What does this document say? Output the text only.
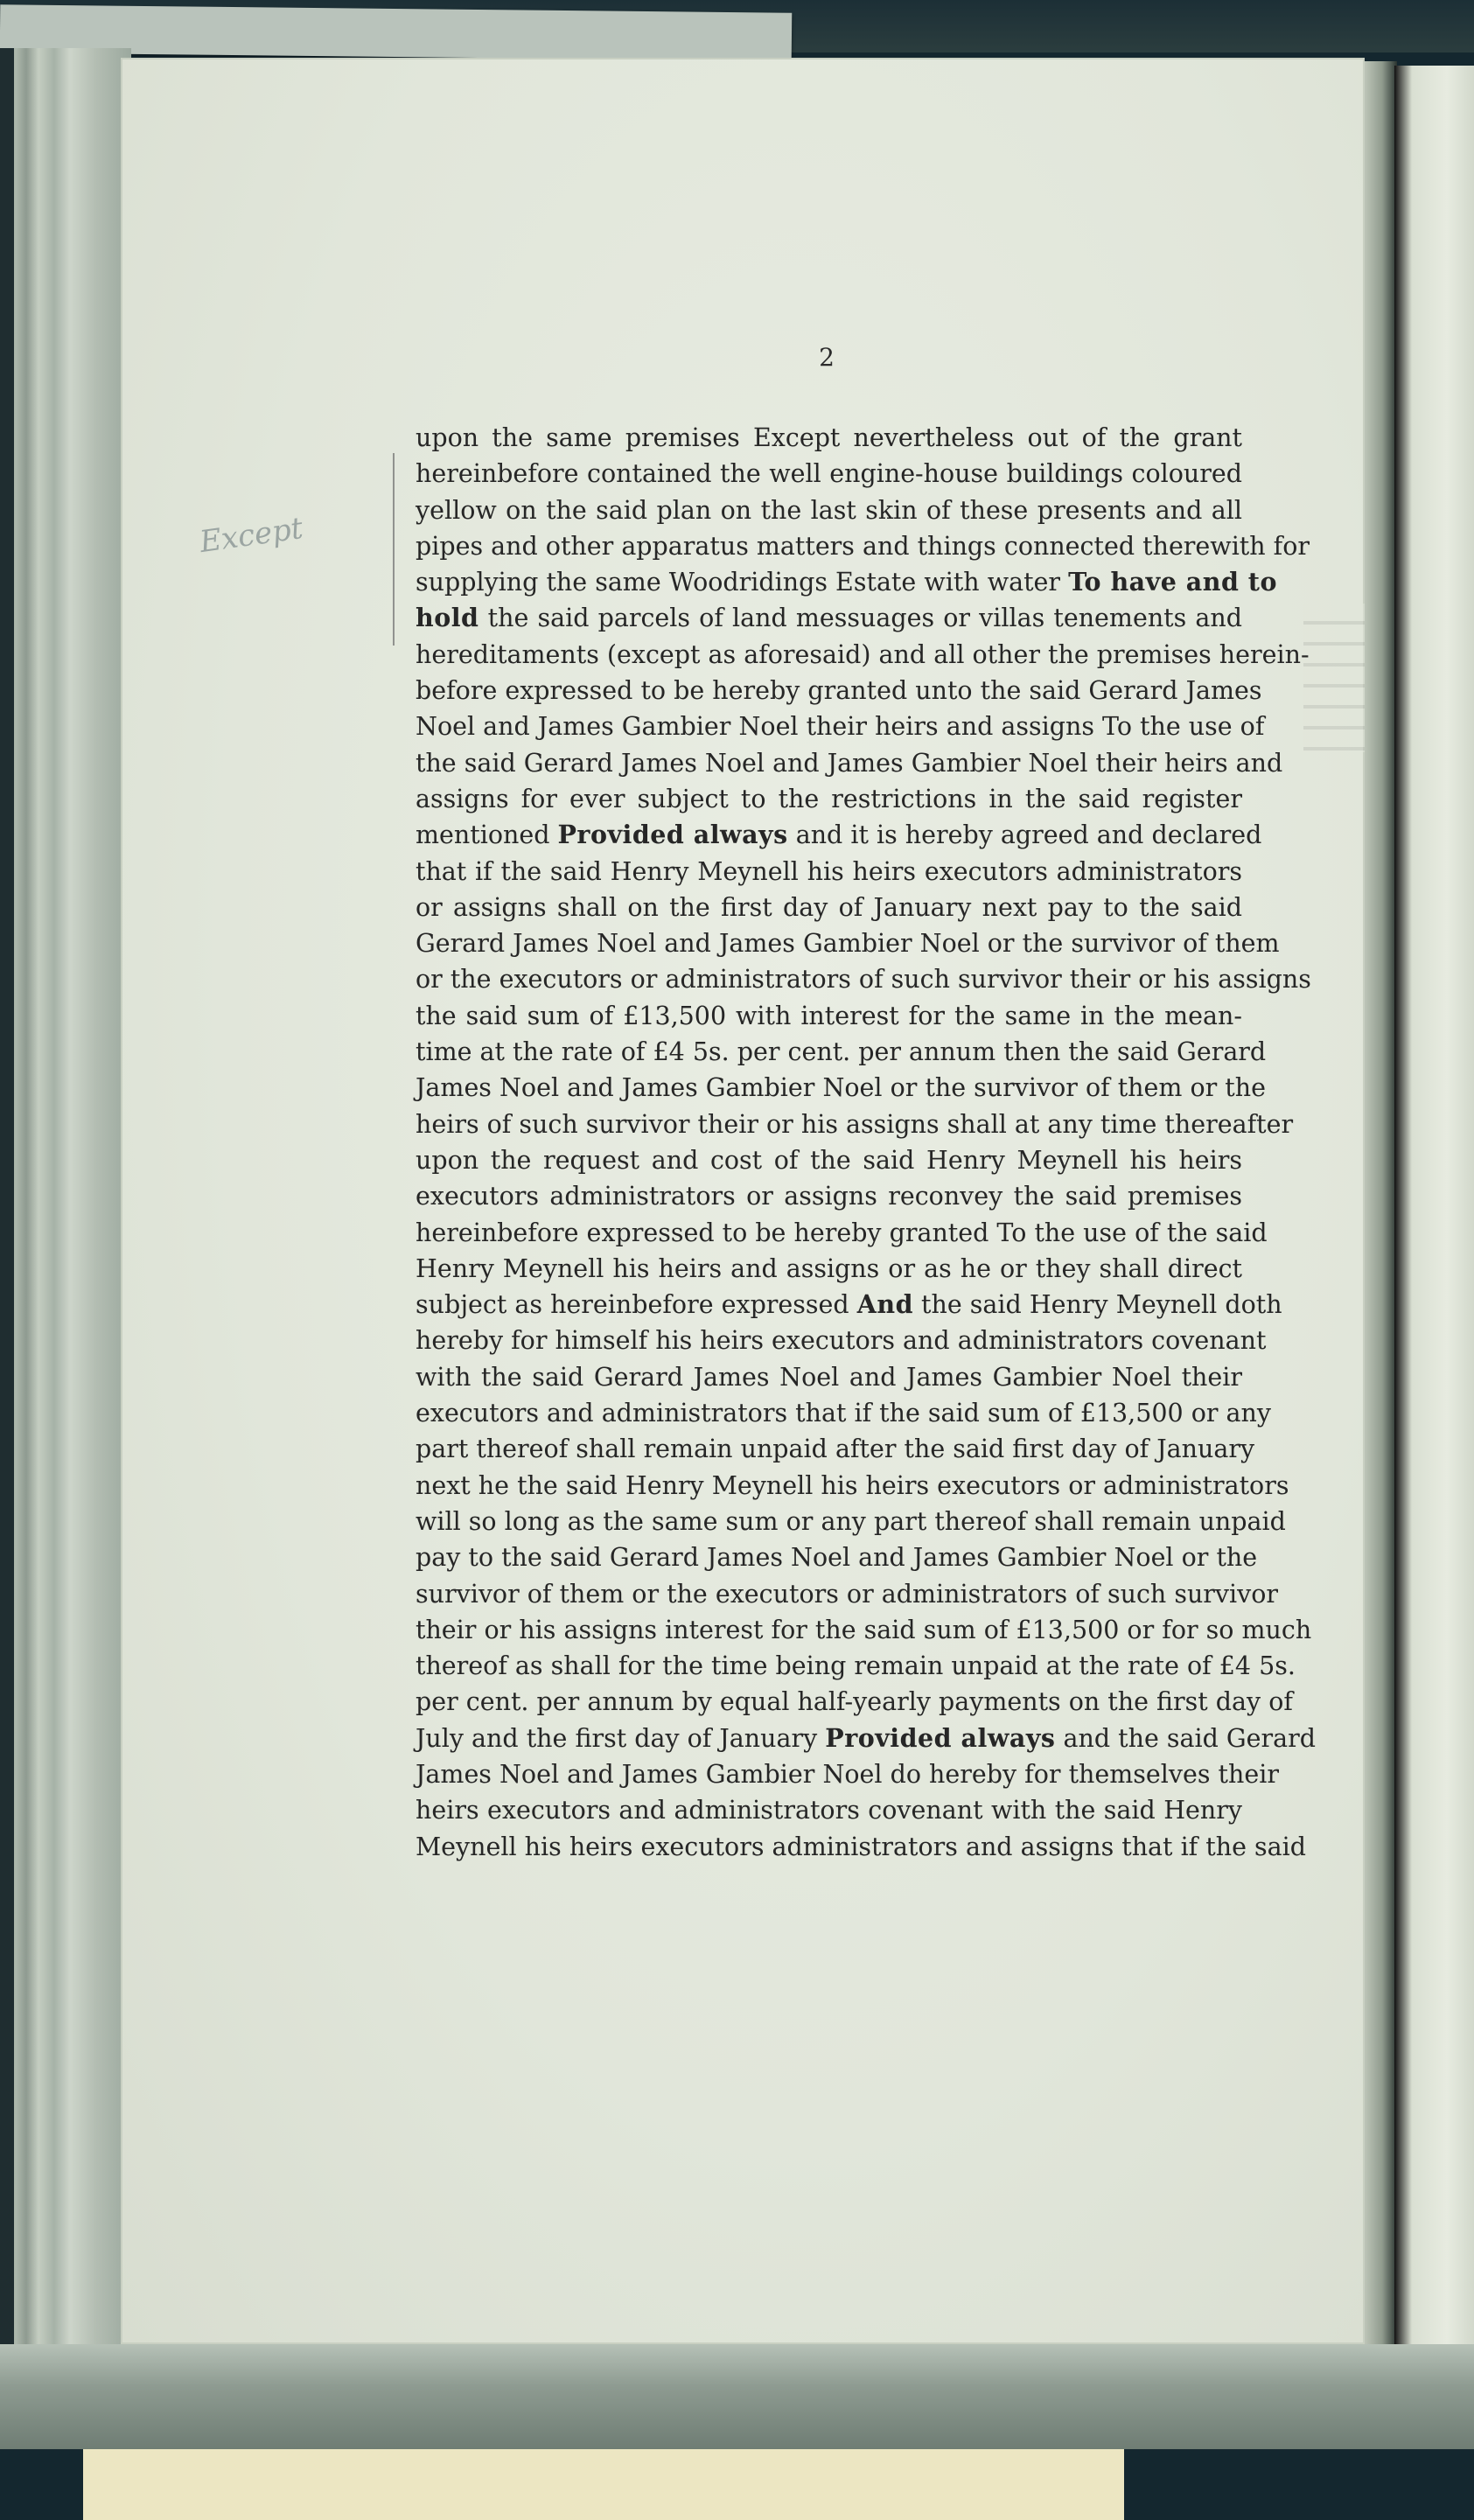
2
Except
upon the same premises Except nevertheless out of the grant
hereinbefore contained the well engine-house buildings coloured
yellow on the said plan on the last skin of these presents and all
pipes and other apparatus matters and things connected therewith for
supplying the same Woodridings Estate with water To have and to
hold the said parcels of land messuages or villas tenements and
hereditaments (except as aforesaid) and all other the premises herein-
before expressed to be hereby granted unto the said Gerard James
Noel and James Gambier Noel their heirs and assigns To the use of
the said Gerard James Noel and James Gambier Noel their heirs and
assigns for ever subject to the restrictions in the said register
mentioned Provided always and it is hereby agreed and declared
that if the said Henry Meynell his heirs executors administrators
or assigns shall on the first day of January next pay to the said
Gerard James Noel and James Gambier Noel or the survivor of them
or the executors or administrators of such survivor their or his assigns
the said sum of £13,500 with interest for the same in the mean-
time at the rate of £4 5s. per cent. per annum then the said Gerard
James Noel and James Gambier Noel or the survivor of them or the
heirs of such survivor their or his assigns shall at any time thereafter
upon the request and cost of the said Henry Meynell his heirs
executors administrators or assigns reconvey the said premises
hereinbefore expressed to be hereby granted To the use of the said
Henry Meynell his heirs and assigns or as he or they shall direct
subject as hereinbefore expressed And the said Henry Meynell doth
hereby for himself his heirs executors and administrators covenant
with the said Gerard James Noel and James Gambier Noel their
executors and administrators that if the said sum of £13,500 or any
part thereof shall remain unpaid after the said first day of January
next he the said Henry Meynell his heirs executors or administrators
will so long as the same sum or any part thereof shall remain unpaid
pay to the said Gerard James Noel and James Gambier Noel or the
survivor of them or the executors or administrators of such survivor
their or his assigns interest for the said sum of £13,500 or for so much
thereof as shall for the time being remain unpaid at the rate of £4 5s.
per cent. per annum by equal half-yearly payments on the first day of
July and the first day of January Provided always and the said Gerard
James Noel and James Gambier Noel do hereby for themselves their
heirs executors and administrators covenant with the said Henry
Meynell his heirs executors administrators and assigns that if the said
